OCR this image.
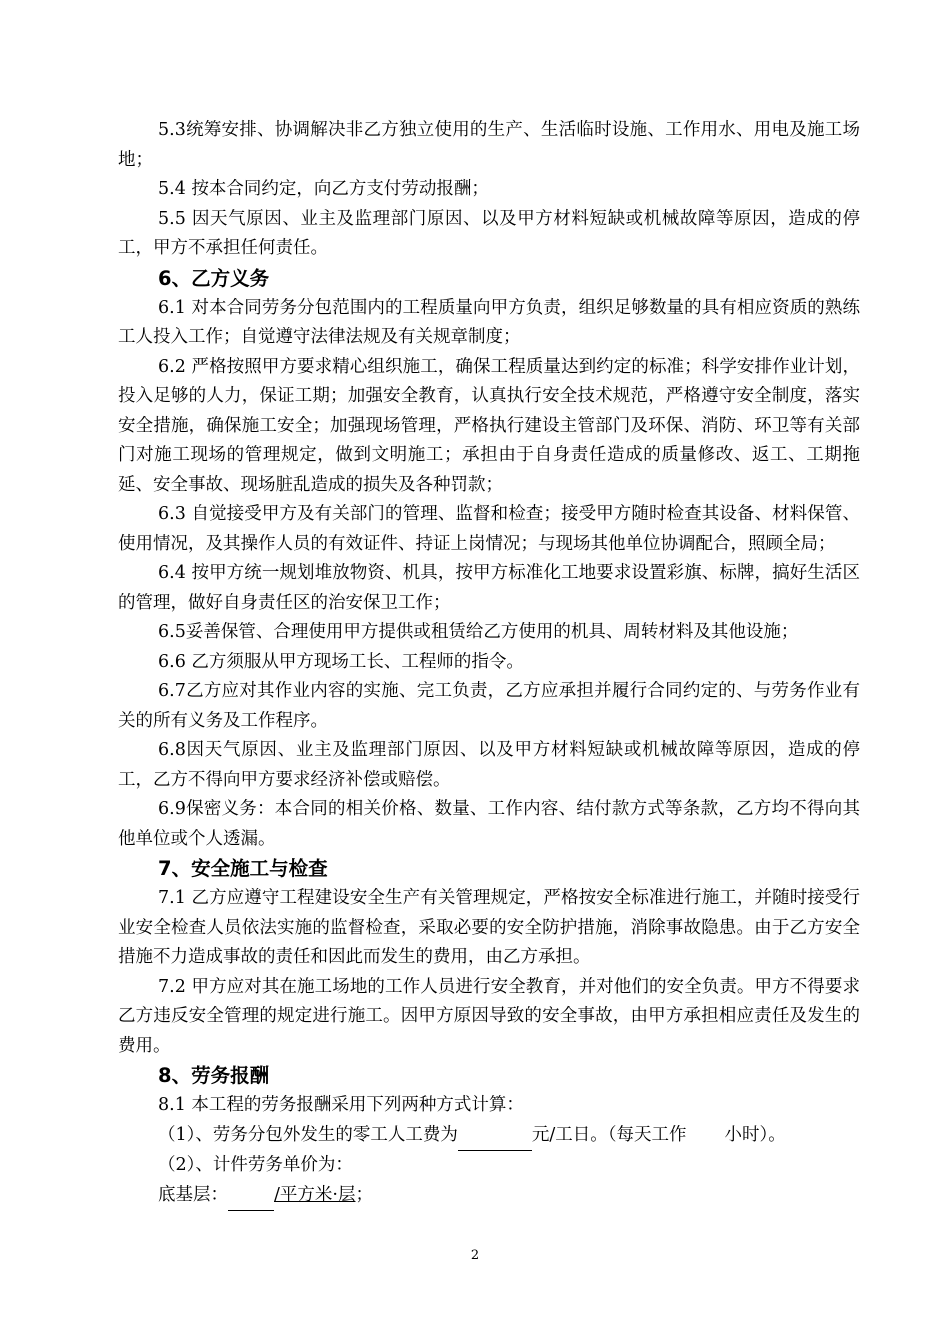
5.3统筹安排、协调解决非乙方独立使用的生产、生活临时设施、工作用水、用电及施工场地；

5.4 按本合同约定，向乙方支付劳动报酬；

5.5 因天气原因、业主及监理部门原因、以及甲方材料短缺或机械故障等原因，造成的停工，甲方不承担任何责任。

6、乙方义务

6.1 对本合同劳务分包范围内的工程质量向甲方负责，组织足够数量的具有相应资质的熟练工人投入工作；自觉遵守法律法规及有关规章制度；

6.2 严格按照甲方要求精心组织施工，确保工程质量达到约定的标准；科学安排作业计划，投入足够的人力，保证工期；加强安全教育，认真执行安全技术规范，严格遵守安全制度，落实安全措施，确保施工安全；加强现场管理，严格执行建设主管部门及环保、消防、环卫等有关部门对施工现场的管理规定，做到文明施工；承担由于自身责任造成的质量修改、返工、工期拖延、安全事故、现场脏乱造成的损失及各种罚款；

6.3 自觉接受甲方及有关部门的管理、监督和检查；接受甲方随时检查其设备、材料保管、使用情况，及其操作人员的有效证件、持证上岗情况；与现场其他单位协调配合，照顾全局；

6.4 按甲方统一规划堆放物资、机具，按甲方标准化工地要求设置彩旗、标牌，搞好生活区的管理，做好自身责任区的治安保卫工作；

6.5妥善保管、合理使用甲方提供或租赁给乙方使用的机具、周转材料及其他设施；

6.6 乙方须服从甲方现场工长、工程师的指令。

6.7乙方应对其作业内容的实施、完工负责，乙方应承担并履行合同约定的、与劳务作业有关的所有义务及工作程序。

6.8因天气原因、业主及监理部门原因、以及甲方材料短缺或机械故障等原因，造成的停工，乙方不得向甲方要求经济补偿或赔偿。

6.9保密义务：本合同的相关价格、数量、工作内容、结付款方式等条款，乙方均不得向其他单位或个人透漏。

7、安全施工与检查

7.1 乙方应遵守工程建设安全生产有关管理规定，严格按安全标准进行施工，并随时接受行业安全检查人员依法实施的监督检查，采取必要的安全防护措施，消除事故隐患。由于乙方安全措施不力造成事故的责任和因此而发生的费用，由乙方承担。

7.2 甲方应对其在施工场地的工作人员进行安全教育，并对他们的安全负责。甲方不得要求乙方违反安全管理的规定进行施工。因甲方原因导致的安全事故，由甲方承担相应责任及发生的费用。

8、劳务报酬

8.1 本工程的劳务报酬采用下列两种方式计算：

（1）、劳务分包外发生的零工人工费为	元/工日。（每天工作 小时）。

（2）、计件劳务单价为：

底基层：	/平方米·层；

2
